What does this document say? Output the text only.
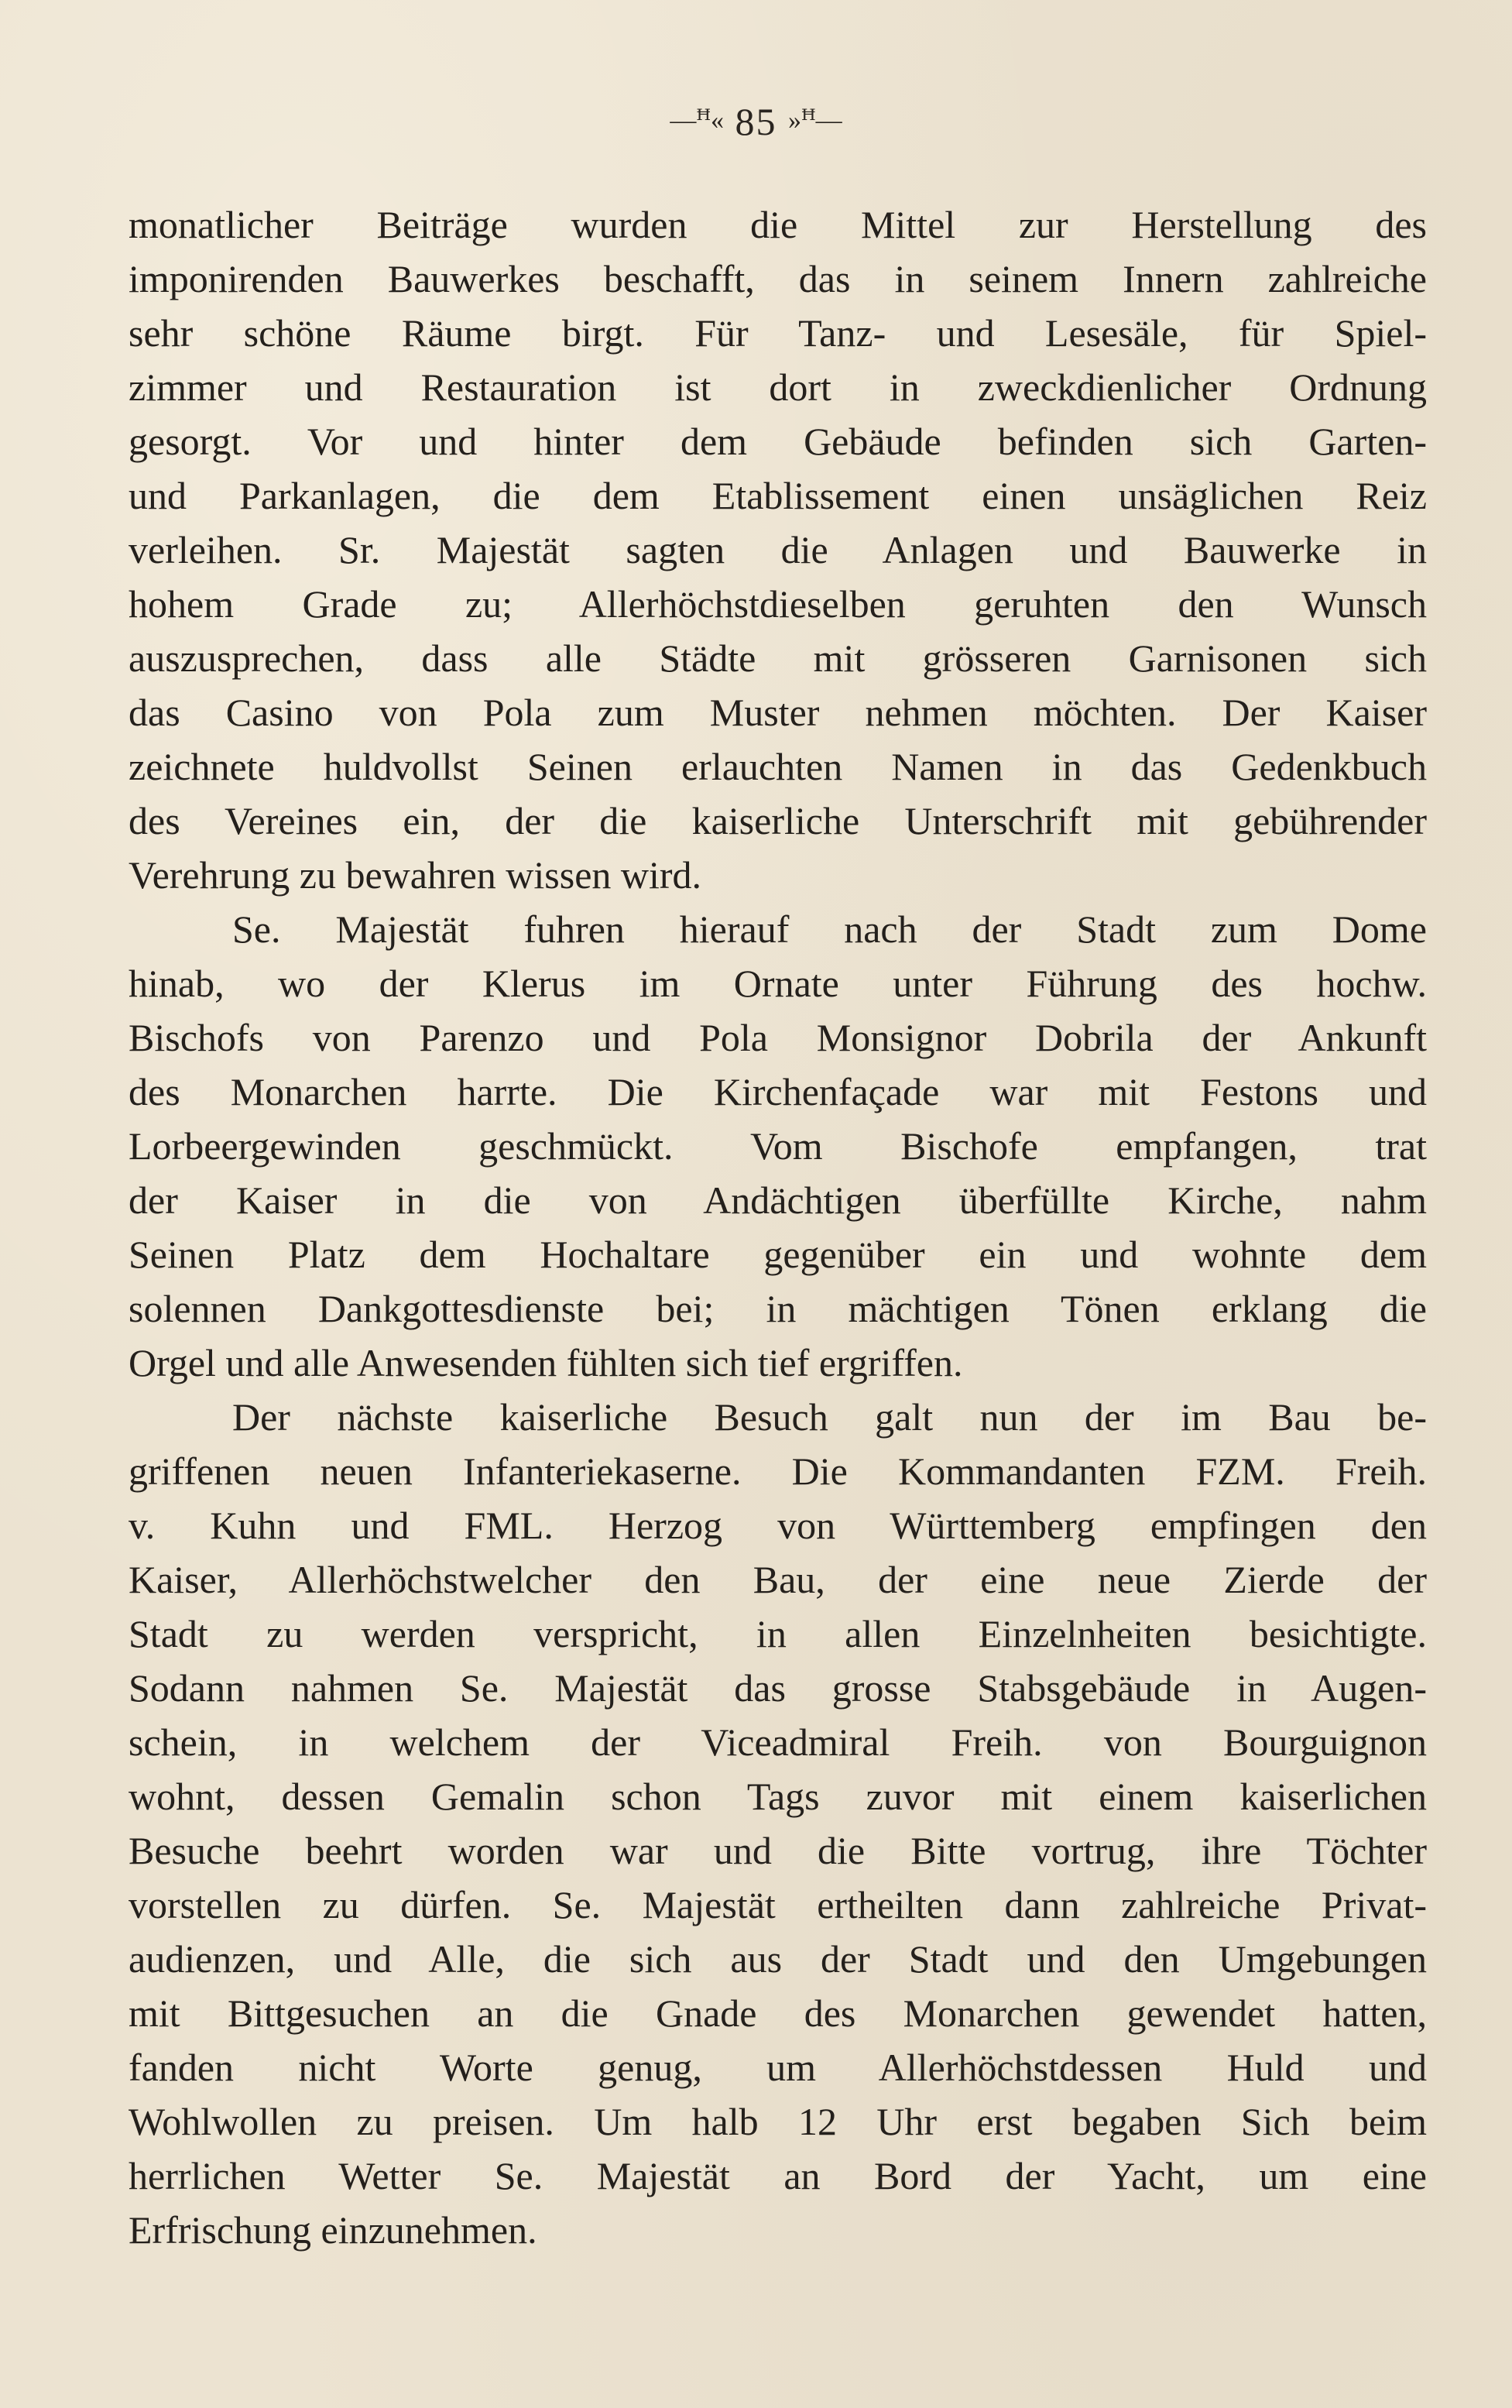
—ꟸ« 85 »ꟸ—
monatlicher Beiträge wurden die Mittel zur Herstellung des
imponirenden Bauwerkes beschafft, das in seinem Innern zahlreiche
sehr schöne Räume birgt. Für Tanz- und Lesesäle, für Spiel-
zimmer und Restauration ist dort in zweckdienlicher Ordnung
gesorgt. Vor und hinter dem Gebäude befinden sich Garten-
und Parkanlagen, die dem Etablissement einen unsäglichen Reiz
verleihen. Sr. Majestät sagten die Anlagen und Bauwerke in
hohem Grade zu; Allerhöchstdieselben geruhten den Wunsch
auszusprechen, dass alle Städte mit grösseren Garnisonen sich
das Casino von Pola zum Muster nehmen möchten. Der Kaiser
zeichnete huldvollst Seinen erlauchten Namen in das Gedenkbuch
des Vereines ein, der die kaiserliche Unterschrift mit gebührender
Verehrung zu bewahren wissen wird.
Se. Majestät fuhren hierauf nach der Stadt zum Dome
hinab, wo der Klerus im Ornate unter Führung des hochw.
Bischofs von Parenzo und Pola Monsignor Dobrila der Ankunft
des Monarchen harrte. Die Kirchenfaçade war mit Festons und
Lorbeergewinden geschmückt. Vom Bischofe empfangen, trat
der Kaiser in die von Andächtigen überfüllte Kirche, nahm
Seinen Platz dem Hochaltare gegenüber ein und wohnte dem
solennen Dankgottesdienste bei; in mächtigen Tönen erklang die
Orgel und alle Anwesenden fühlten sich tief ergriffen.
Der nächste kaiserliche Besuch galt nun der im Bau be-
griffenen neuen Infanteriekaserne. Die Kommandanten FZM. Freih.
v. Kuhn und FML. Herzog von Württemberg empfingen den
Kaiser, Allerhöchstwelcher den Bau, der eine neue Zierde der
Stadt zu werden verspricht, in allen Einzelnheiten besichtigte.
Sodann nahmen Se. Majestät das grosse Stabsgebäude in Augen-
schein, in welchem der Viceadmiral Freih. von Bourguignon
wohnt, dessen Gemalin schon Tags zuvor mit einem kaiserlichen
Besuche beehrt worden war und die Bitte vortrug, ihre Töchter
vorstellen zu dürfen. Se. Majestät ertheilten dann zahlreiche Privat-
audienzen, und Alle, die sich aus der Stadt und den Umgebungen
mit Bittgesuchen an die Gnade des Monarchen gewendet hatten,
fanden nicht Worte genug, um Allerhöchstdessen Huld und
Wohlwollen zu preisen. Um halb 12 Uhr erst begaben Sich beim
herrlichen Wetter Se. Majestät an Bord der Yacht, um eine
Erfrischung einzunehmen.
